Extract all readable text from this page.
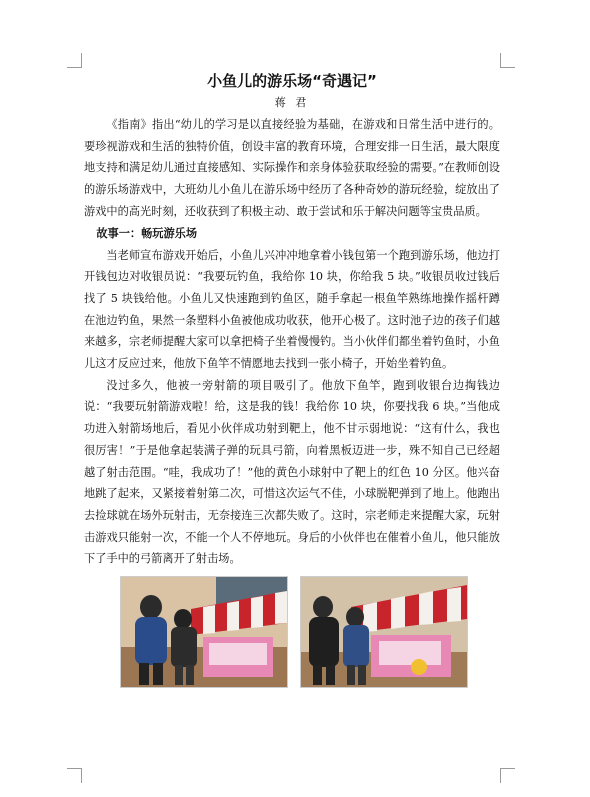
小鱼儿的游乐场“奇遇记”
蒋 君

《指南》指出“幼儿的学习是以直接经验为基础，在游戏和日常生活中进行的。要珍视游戏和生活的独特价值，创设丰富的教育环境，合理安排一日生活，最大限度地支持和满足幼儿通过直接感知、实际操作和亲身体验获取经验的需要。”在教师创设的游乐场游戏中，大班幼儿小鱼儿在游乐场中经历了各种奇妙的游玩经验，绽放出了游戏中的高光时刻，还收获到了积极主动、敢于尝试和乐于解决问题等宝贵品质。

故事一：畅玩游乐场

当老师宣布游戏开始后，小鱼儿兴冲冲地拿着小钱包第一个跑到游乐场，他边打开钱包边对收银员说：“我要玩钓鱼，我给你 10 块，你给我 5 块。”收银员收过钱后找了 5 块钱给他。小鱼儿又快速跑到钓鱼区，随手拿起一根鱼竿熟练地操作摇杆蹲在池边钓鱼，果然一条塑料小鱼被他成功收获，他开心极了。这时池子边的孩子们越来越多，宗老师提醒大家可以拿把椅子坐着慢慢钓。当小伙伴们都坐着钓鱼时，小鱼儿这才反应过来，他放下鱼竿不情愿地去找到一张小椅子，开始坐着钓鱼。

没过多久，他被一旁射箭的项目吸引了。他放下鱼竿，跑到收银台边掏钱边说：“我要玩射箭游戏啦！给，这是我的钱！我给你 10 块，你要找我 6 块。”当他成功进入射箭场地后，看见小伙伴成功射到靶上，他不甘示弱地说：“这有什么，我也很厉害！”于是他拿起装满子弹的玩具弓箭，向着黑板迈进一步，殊不知自己已经超越了射击范围。“哇，我成功了！”他的黄色小球射中了靶上的红色 10 分区。他兴奋地跳了起来，又紧接着射第二次，可惜这次运气不佳，小球脱靶弹到了地上。他跑出去捡球就在场外玩射击，无奈接连三次都失败了。这时，宗老师走来提醒大家，玩射击游戏只能射一次，不能一个人不停地玩。身后的小伙伴也在催着小鱼儿，他只能放下了手中的弓箭离开了射击场。
